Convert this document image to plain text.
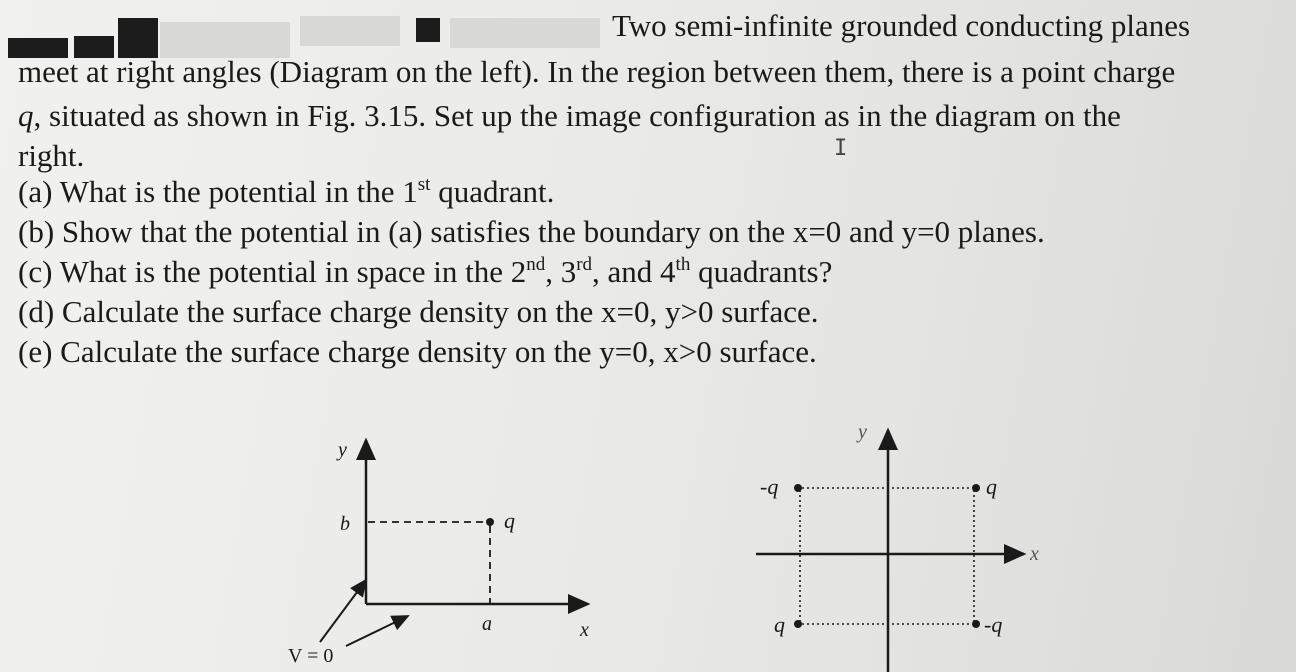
Two semi-infinite grounded conducting planes
meet at right angles (Diagram on the left). In the region between them, there is a point charge
q, situated as shown in Fig. 3.15. Set up the image configuration as in the diagram on the
right.	I
(a) What is the potential in the 1st quadrant.
(b) Show that the potential in (a) satisfies the boundary on the x=0 and y=0 planes.
(c) What is the potential in space in the 2nd, 3rd, and 4th quadrants?
(d) Calculate the surface charge density on the x=0, y>0 surface.
(e) Calculate the surface charge density on the y=0, x>0 surface.
q
y
x
b
a
V = 0
-q	q
q	-q
y
x
